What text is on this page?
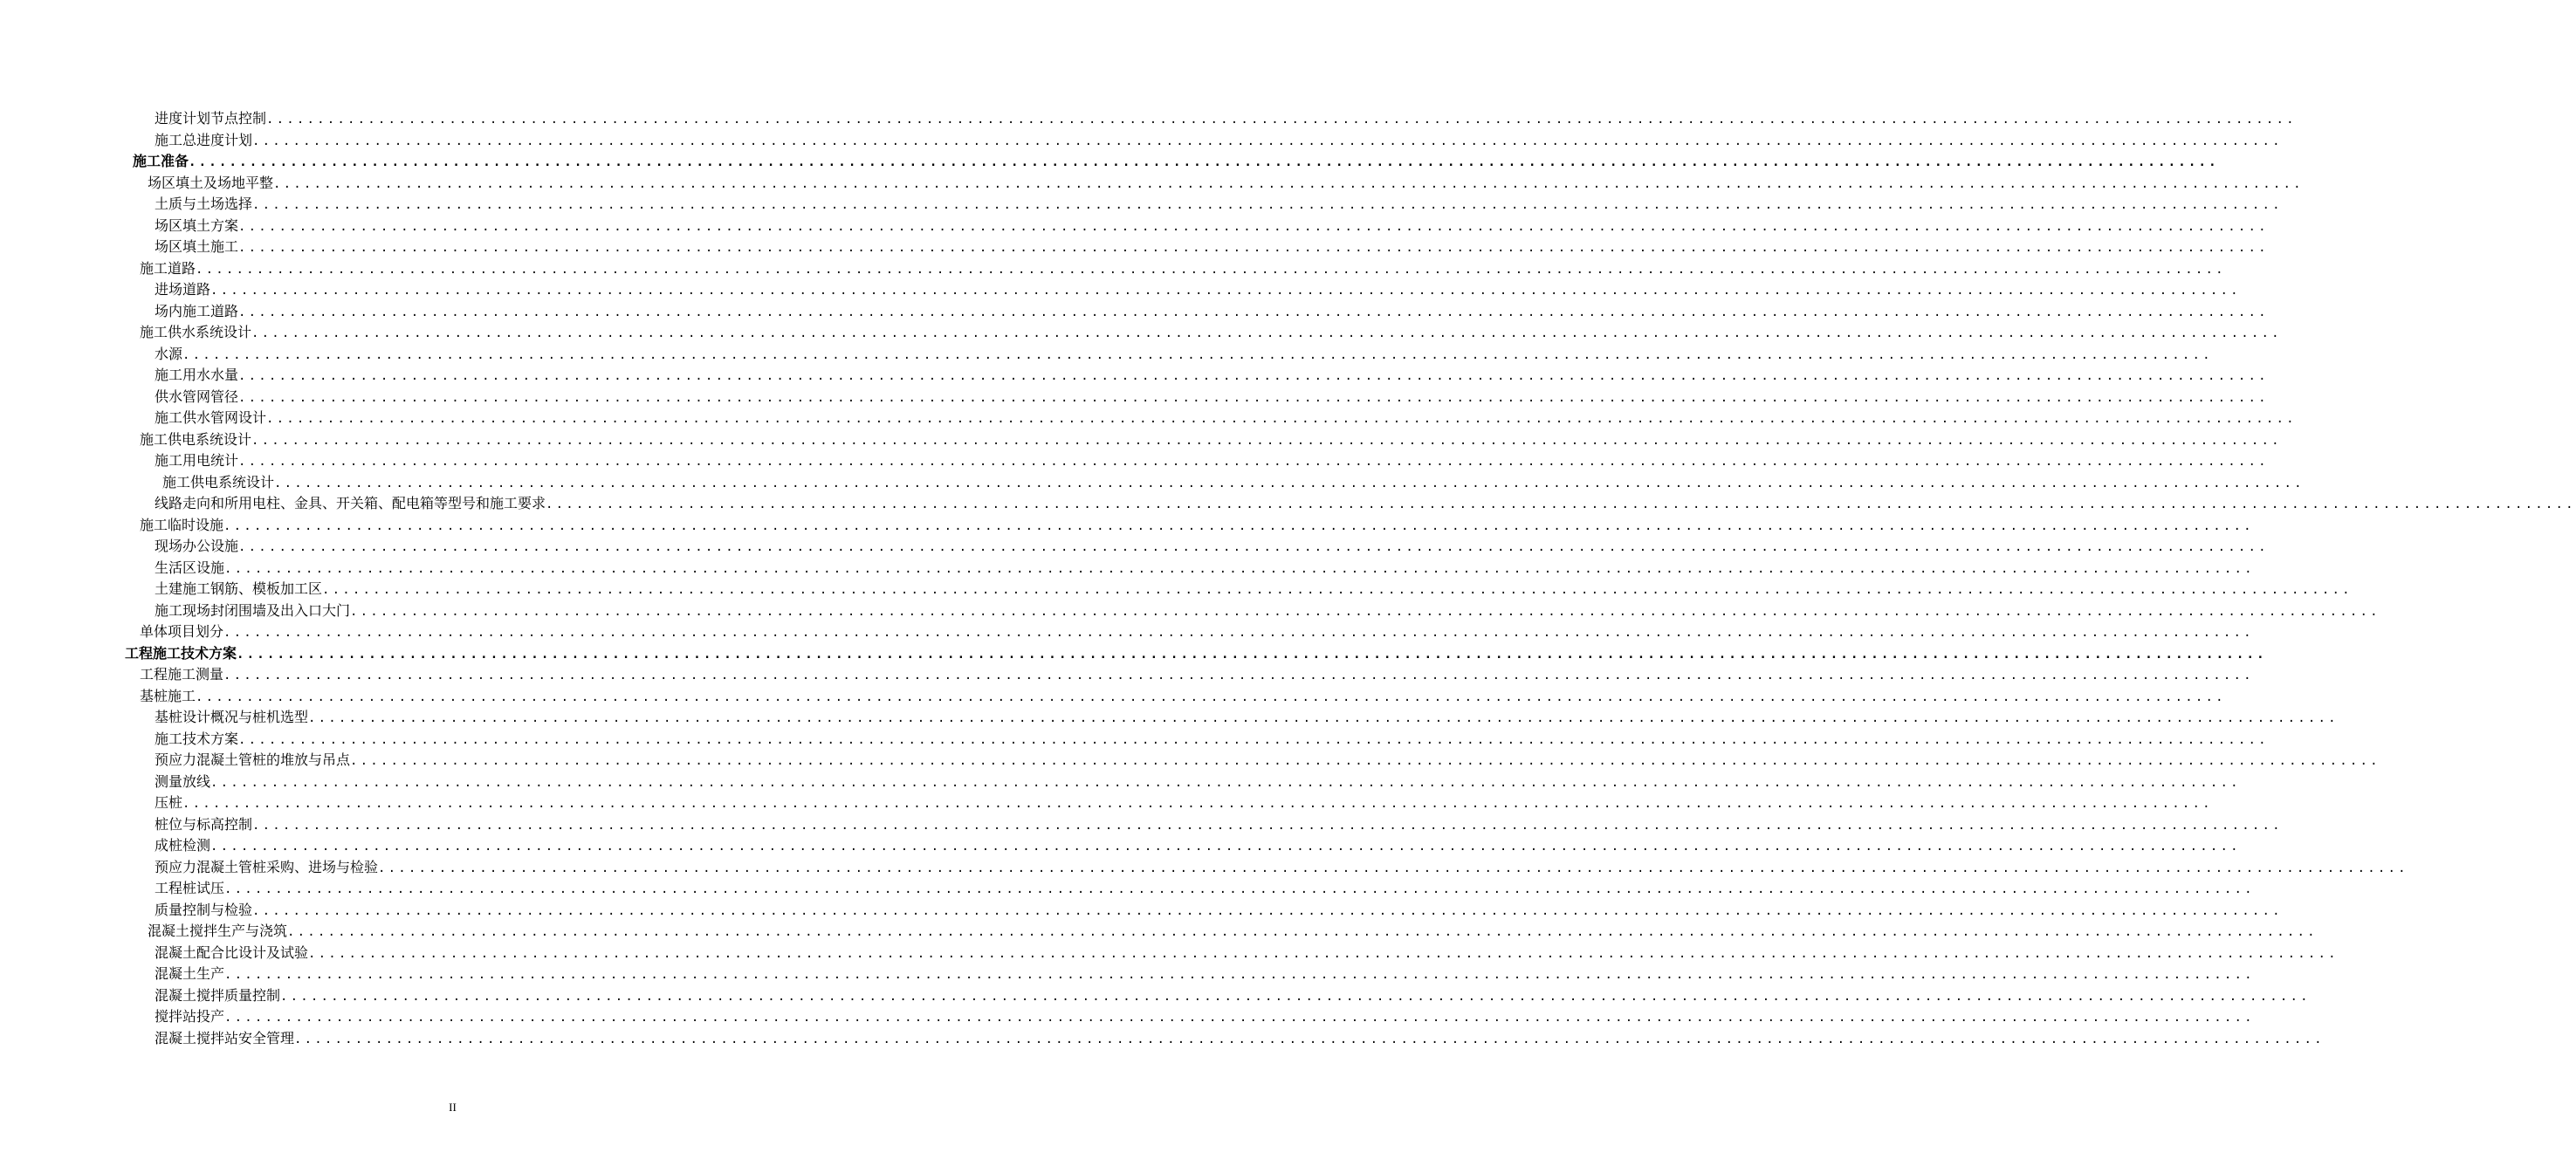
进度计划节点控制 ........................................................................................................................................................................................................
施工总进度计划 ........................................................................................................................................................................................................
施工准备 ........................................................................................................................................................................................................
场区填土及场地平整 ........................................................................................................................................................................................................
土质与土场选择 ........................................................................................................................................................................................................
场区填土方案 ........................................................................................................................................................................................................
场区填土施工 ........................................................................................................................................................................................................
施工道路 ........................................................................................................................................................................................................
进场道路 ........................................................................................................................................................................................................
场内施工道路 ........................................................................................................................................................................................................
施工供水系统设计 ........................................................................................................................................................................................................
水源 ........................................................................................................................................................................................................
施工用水水量 ........................................................................................................................................................................................................
供水管网管径 ........................................................................................................................................................................................................
施工供水管网设计 ........................................................................................................................................................................................................
施工供电系统设计 ........................................................................................................................................................................................................
施工用电统计 ........................................................................................................................................................................................................
施工供电系统设计 ........................................................................................................................................................................................................
线路走向和所用电柱、金具、开关箱、配电箱等型号和施工要求 ........................................................................................................................................................................................................
施工临时设施 ........................................................................................................................................................................................................
现场办公设施 ........................................................................................................................................................................................................
生活区设施 ........................................................................................................................................................................................................
土建施工钢筋、模板加工区 ........................................................................................................................................................................................................
施工现场封闭围墙及出入口大门 ........................................................................................................................................................................................................
单体项目划分 ........................................................................................................................................................................................................
工程施工技术方案 ........................................................................................................................................................................................................
工程施工测量 ........................................................................................................................................................................................................
基桩施工 ........................................................................................................................................................................................................
基桩设计概况与桩机选型 ........................................................................................................................................................................................................
施工技术方案 ........................................................................................................................................................................................................
预应力混凝土管桩的堆放与吊点 ........................................................................................................................................................................................................
测量放线 ........................................................................................................................................................................................................
压桩 ........................................................................................................................................................................................................
桩位与标高控制 ........................................................................................................................................................................................................
成桩检测 ........................................................................................................................................................................................................
预应力混凝土管桩采购、进场与检验 ........................................................................................................................................................................................................
工程桩试压 ........................................................................................................................................................................................................
质量控制与检验 ........................................................................................................................................................................................................
混凝土搅拌生产与浇筑 ........................................................................................................................................................................................................
混凝土配合比设计及试验 ........................................................................................................................................................................................................
混凝土生产 ........................................................................................................................................................................................................
混凝土搅拌质量控制 ........................................................................................................................................................................................................
搅拌站投产 ........................................................................................................................................................................................................
混凝土搅拌站安全管理 ........................................................................................................................................................................................................
II
